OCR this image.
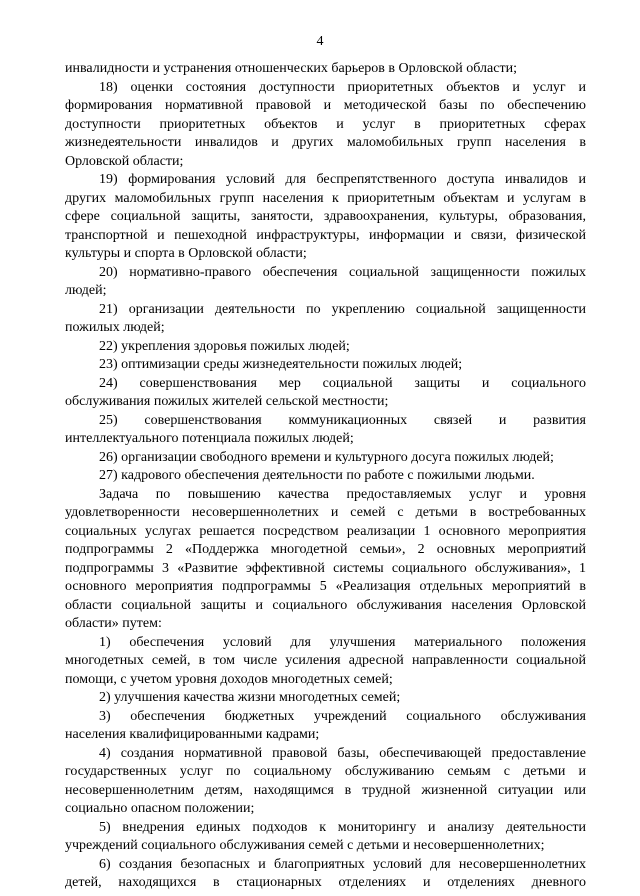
4
инвалидности и устранения отношенческих барьеров в Орловской области;
18) оценки состояния доступности приоритетных объектов и услуг и
формирования нормативной правовой и методической базы по обеспечению
доступности приоритетных объектов и услуг в приоритетных сферах
жизнедеятельности инвалидов и других маломобильных групп населения в
Орловской области;
19) формирования условий для беспрепятственного доступа инвалидов и
других маломобильных групп населения к приоритетным объектам и услугам в
сфере социальной защиты, занятости, здравоохранения, культуры, образования,
транспортной и пешеходной инфраструктуры, информации и связи, физической
культуры и спорта в Орловской области;
20) нормативно-правого обеспечения социальной защищенности пожилых
людей;
21) организации деятельности по укреплению социальной защищенности
пожилых людей;
22) укрепления здоровья пожилых людей;
23) оптимизации среды жизнедеятельности пожилых людей;
24) совершенствования мер социальной защиты и социального
обслуживания пожилых жителей сельской местности;
25) совершенствования коммуникационных связей и развития
интеллектуального потенциала пожилых людей;
26) организации свободного времени и культурного досуга пожилых людей;
27) кадрового обеспечения деятельности по работе с пожилыми людьми.
Задача по повышению качества предоставляемых услуг и уровня
удовлетворенности несовершеннолетних и семей с детьми в востребованных
социальных услугах решается посредством реализации 1 основного мероприятия
подпрограммы 2 «Поддержка многодетной семьи», 2 основных мероприятий
подпрограммы 3 «Развитие эффективной системы социального обслуживания», 1
основного мероприятия подпрограммы 5 «Реализация отдельных мероприятий в
области социальной защиты и социального обслуживания населения Орловской
области» путем:
1) обеспечения условий для улучшения материального положения
многодетных семей, в том числе усиления адресной направленности социальной
помощи, с учетом уровня доходов многодетных семей;
2) улучшения качества жизни многодетных семей;
3) обеспечения бюджетных учреждений социального обслуживания
населения квалифицированными кадрами;
4) создания нормативной правовой базы, обеспечивающей предоставление
государственных услуг по социальному обслуживанию семьям с детьми и
несовершеннолетним детям, находящимся в трудной жизненной ситуации или
социально опасном положении;
5) внедрения единых подходов к мониторингу и анализу деятельности
учреждений социального обслуживания семей с детьми и несовершеннолетних;
6) создания безопасных и благоприятных условий для несовершеннолетних
детей, находящихся в стационарных отделениях и отделениях дневного
